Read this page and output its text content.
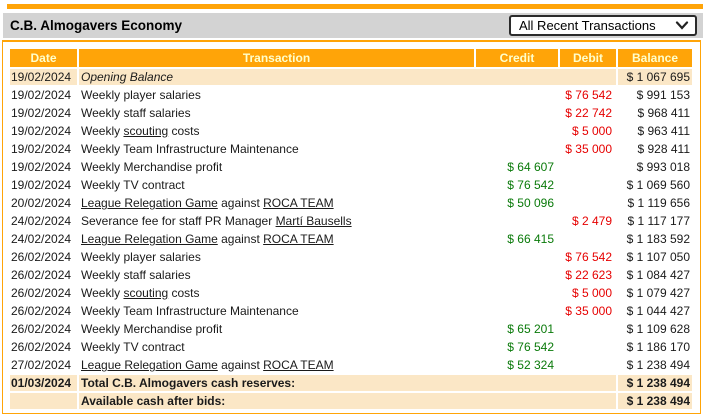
C.B. Almogavers Economy	All Recent Transactions
Date	Transaction	Credit	Debit	Balance
19/02/2024	Opening Balance			$ 1 067 695
19/02/2024	Weekly player salaries		$ 76 542	$ 991 153
19/02/2024	Weekly staff salaries		$ 22 742	$ 968 411
19/02/2024	Weekly scouting costs		$ 5 000	$ 963 411
19/02/2024	Weekly Team Infrastructure Maintenance		$ 35 000	$ 928 411
19/02/2024	Weekly Merchandise profit	$ 64 607		$ 993 018
19/02/2024	Weekly TV contract	$ 76 542		$ 1 069 560
20/02/2024	League Relegation Game against ROCA TEAM	$ 50 096		$ 1 119 656
24/02/2024	Severance fee for staff PR Manager Martí Bausells		$ 2 479	$ 1 117 177
24/02/2024	League Relegation Game against ROCA TEAM	$ 66 415		$ 1 183 592
26/02/2024	Weekly player salaries		$ 76 542	$ 1 107 050
26/02/2024	Weekly staff salaries		$ 22 623	$ 1 084 427
26/02/2024	Weekly scouting costs		$ 5 000	$ 1 079 427
26/02/2024	Weekly Team Infrastructure Maintenance		$ 35 000	$ 1 044 427
26/02/2024	Weekly Merchandise profit	$ 65 201		$ 1 109 628
26/02/2024	Weekly TV contract	$ 76 542		$ 1 186 170
27/02/2024	League Relegation Game against ROCA TEAM	$ 52 324		$ 1 238 494
01/03/2024	Total C.B. Almogavers cash reserves:			$ 1 238 494
	Available cash after bids:			$ 1 238 494
